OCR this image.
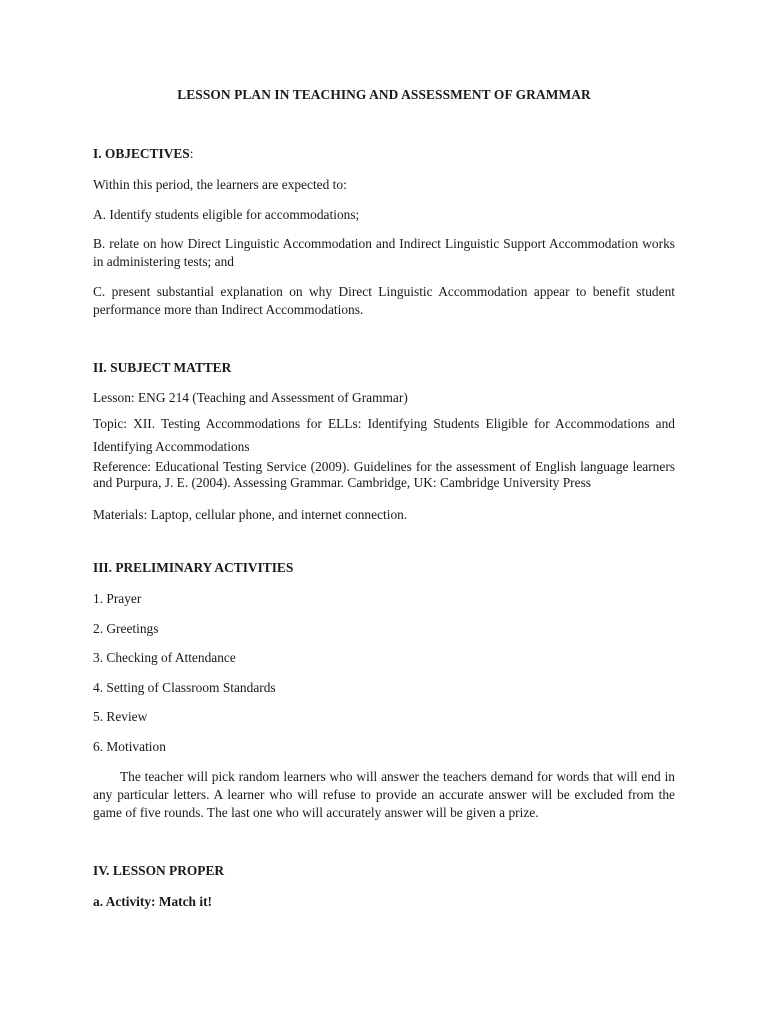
LESSON PLAN IN TEACHING AND ASSESSMENT OF GRAMMAR
I. OBJECTIVES:
Within this period, the learners are expected to:
A. Identify students eligible for accommodations;
B. relate on how Direct Linguistic Accommodation and Indirect Linguistic Support Accommodation works in administering tests; and
C. present substantial explanation on why Direct Linguistic Accommodation appear to benefit student performance more than Indirect Accommodations.
II. SUBJECT MATTER
Lesson: ENG 214 (Teaching and Assessment of Grammar)
Topic: XII. Testing Accommodations for ELLs: Identifying Students Eligible for Accommodations and Identifying Accommodations
Reference: Educational Testing Service (2009). Guidelines for the assessment of English language learners and Purpura, J. E. (2004). Assessing Grammar. Cambridge, UK: Cambridge University Press
Materials: Laptop, cellular phone, and internet connection.
III. PRELIMINARY ACTIVITIES
1. Prayer
2. Greetings
3. Checking of Attendance
4. Setting of Classroom Standards
5. Review
6. Motivation
The teacher will pick random learners who will answer the teachers demand for words that will end in any particular letters. A learner who will refuse to provide an accurate answer will be excluded from the game of five rounds. The last one who will accurately answer will be given a prize.
IV. LESSON PROPER
a. Activity: Match it!
